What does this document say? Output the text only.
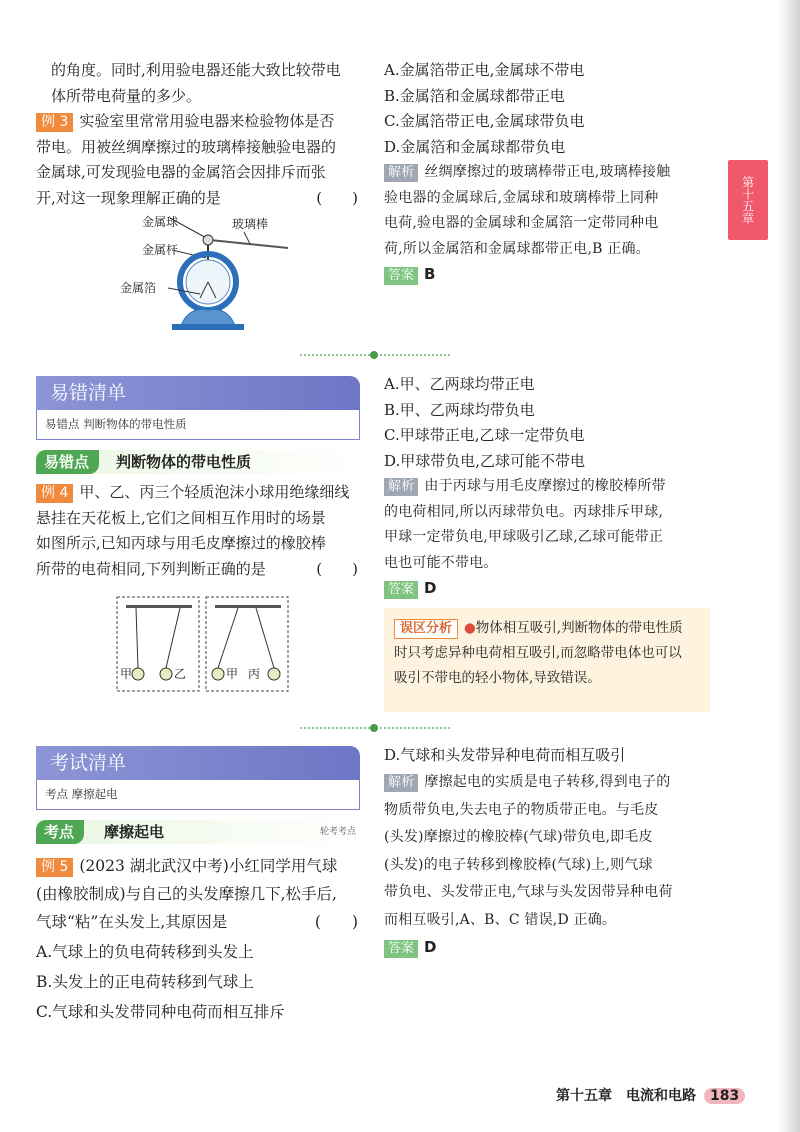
第十五章

的角度。同时,利用验电器还能大致比较带电

体所带电荷量的多少。

例 3 实验室里常常用验电器来检验物体是否

带电。用被丝绸摩擦过的玻璃棒接触验电器的

金属球,可发现验电器的金属箔会因排斥而张

开,对这一现象理解正确的是	(　　)

金属球	玻璃棒
金属杆
金属箔

A.金属箔带正电,金属球不带电

B.金属箔和金属球都带正电

C.金属箔带正电,金属球带负电

D.金属箔和金属球都带负电

解析 丝绸摩擦过的玻璃棒带正电,玻璃棒接触

验电器的金属球后,金属球和玻璃棒带上同种

电荷,验电器的金属球和金属箔一定带同种电

荷,所以金属箔和金属球都带正电,B 正确。

答案 B

易错清单
易错点 判断物体的带电性质
易错点	判断物体的带电性质

例 4 甲、乙、丙三个轻质泡沫小球用绝缘细线

悬挂在天花板上,它们之间相互作用时的场景

如图所示,已知丙球与用毛皮摩擦过的橡胶棒

所带的电荷相同,下列判断正确的是	(　　)

甲	乙	甲 丙

A.甲、乙两球均带正电

B.甲、乙两球均带负电

C.甲球带正电,乙球一定带负电

D.甲球带负电,乙球可能不带电

解析 由于丙球与用毛皮摩擦过的橡胶棒所带

的电荷相同,所以丙球带负电。丙球排斥甲球,

甲球一定带负电,甲球吸引乙球,乙球可能带正

电也可能不带电。

答案 D

误区分析 ●物体相互吸引,判断物体的带电性质
时只考虑异种电荷相互吸引,而忽略带电体也可以
吸引不带电的轻小物体,导致错误。
考试清单
考点 摩擦起电
考点	摩擦起电	轮考考点

例 5 (2023 湖北武汉中考)小红同学用气球

(由橡胶制成)与自己的头发摩擦几下,松手后,

气球“粘”在头发上,其原因是	(　　)

A.气球上的负电荷转移到头发上

B.头发上的正电荷转移到气球上

C.气球和头发带同种电荷而相互排斥

D.气球和头发带异种电荷而相互吸引

解析 摩擦起电的实质是电子转移,得到电子的

物质带负电,失去电子的物质带正电。与毛皮

(头发)摩擦过的橡胶棒(气球)带负电,即毛皮

(头发)的电子转移到橡胶棒(气球)上,则气球

带负电、头发带正电,气球与头发因带异种电荷

而相互吸引,A、B、C 错误,D 正确。

答案 D

第十五章　电流和电路 183
